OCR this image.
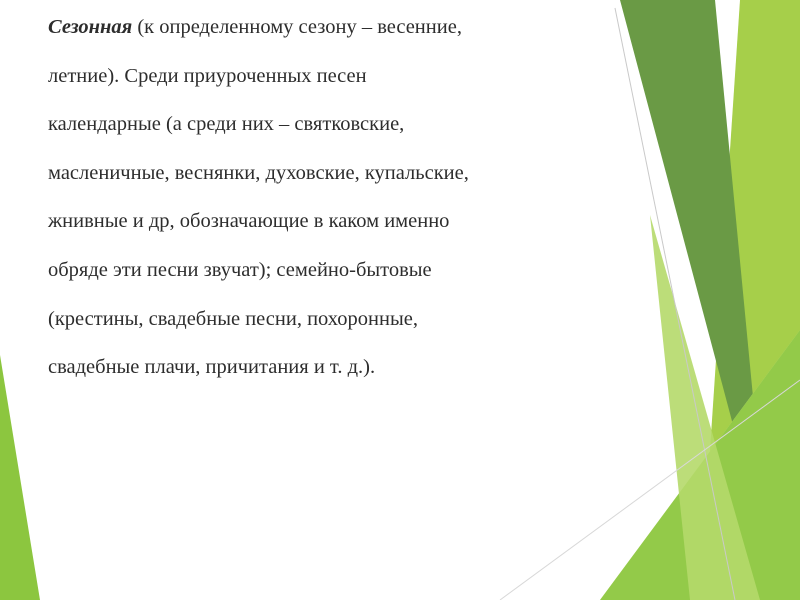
Сезонная (к определенному сезону – весенние,
летние). Среди приуроченных песен
календарные (а среди них – святковские,
масленичные, веснянки, духовские, купальские,
жнивные и др, обозначающие в каком именно
обряде эти песни звучат); семейно-бытовые
(крестины, свадебные песни, похоронные,
свадебные плачи, причитания и т. д.).
